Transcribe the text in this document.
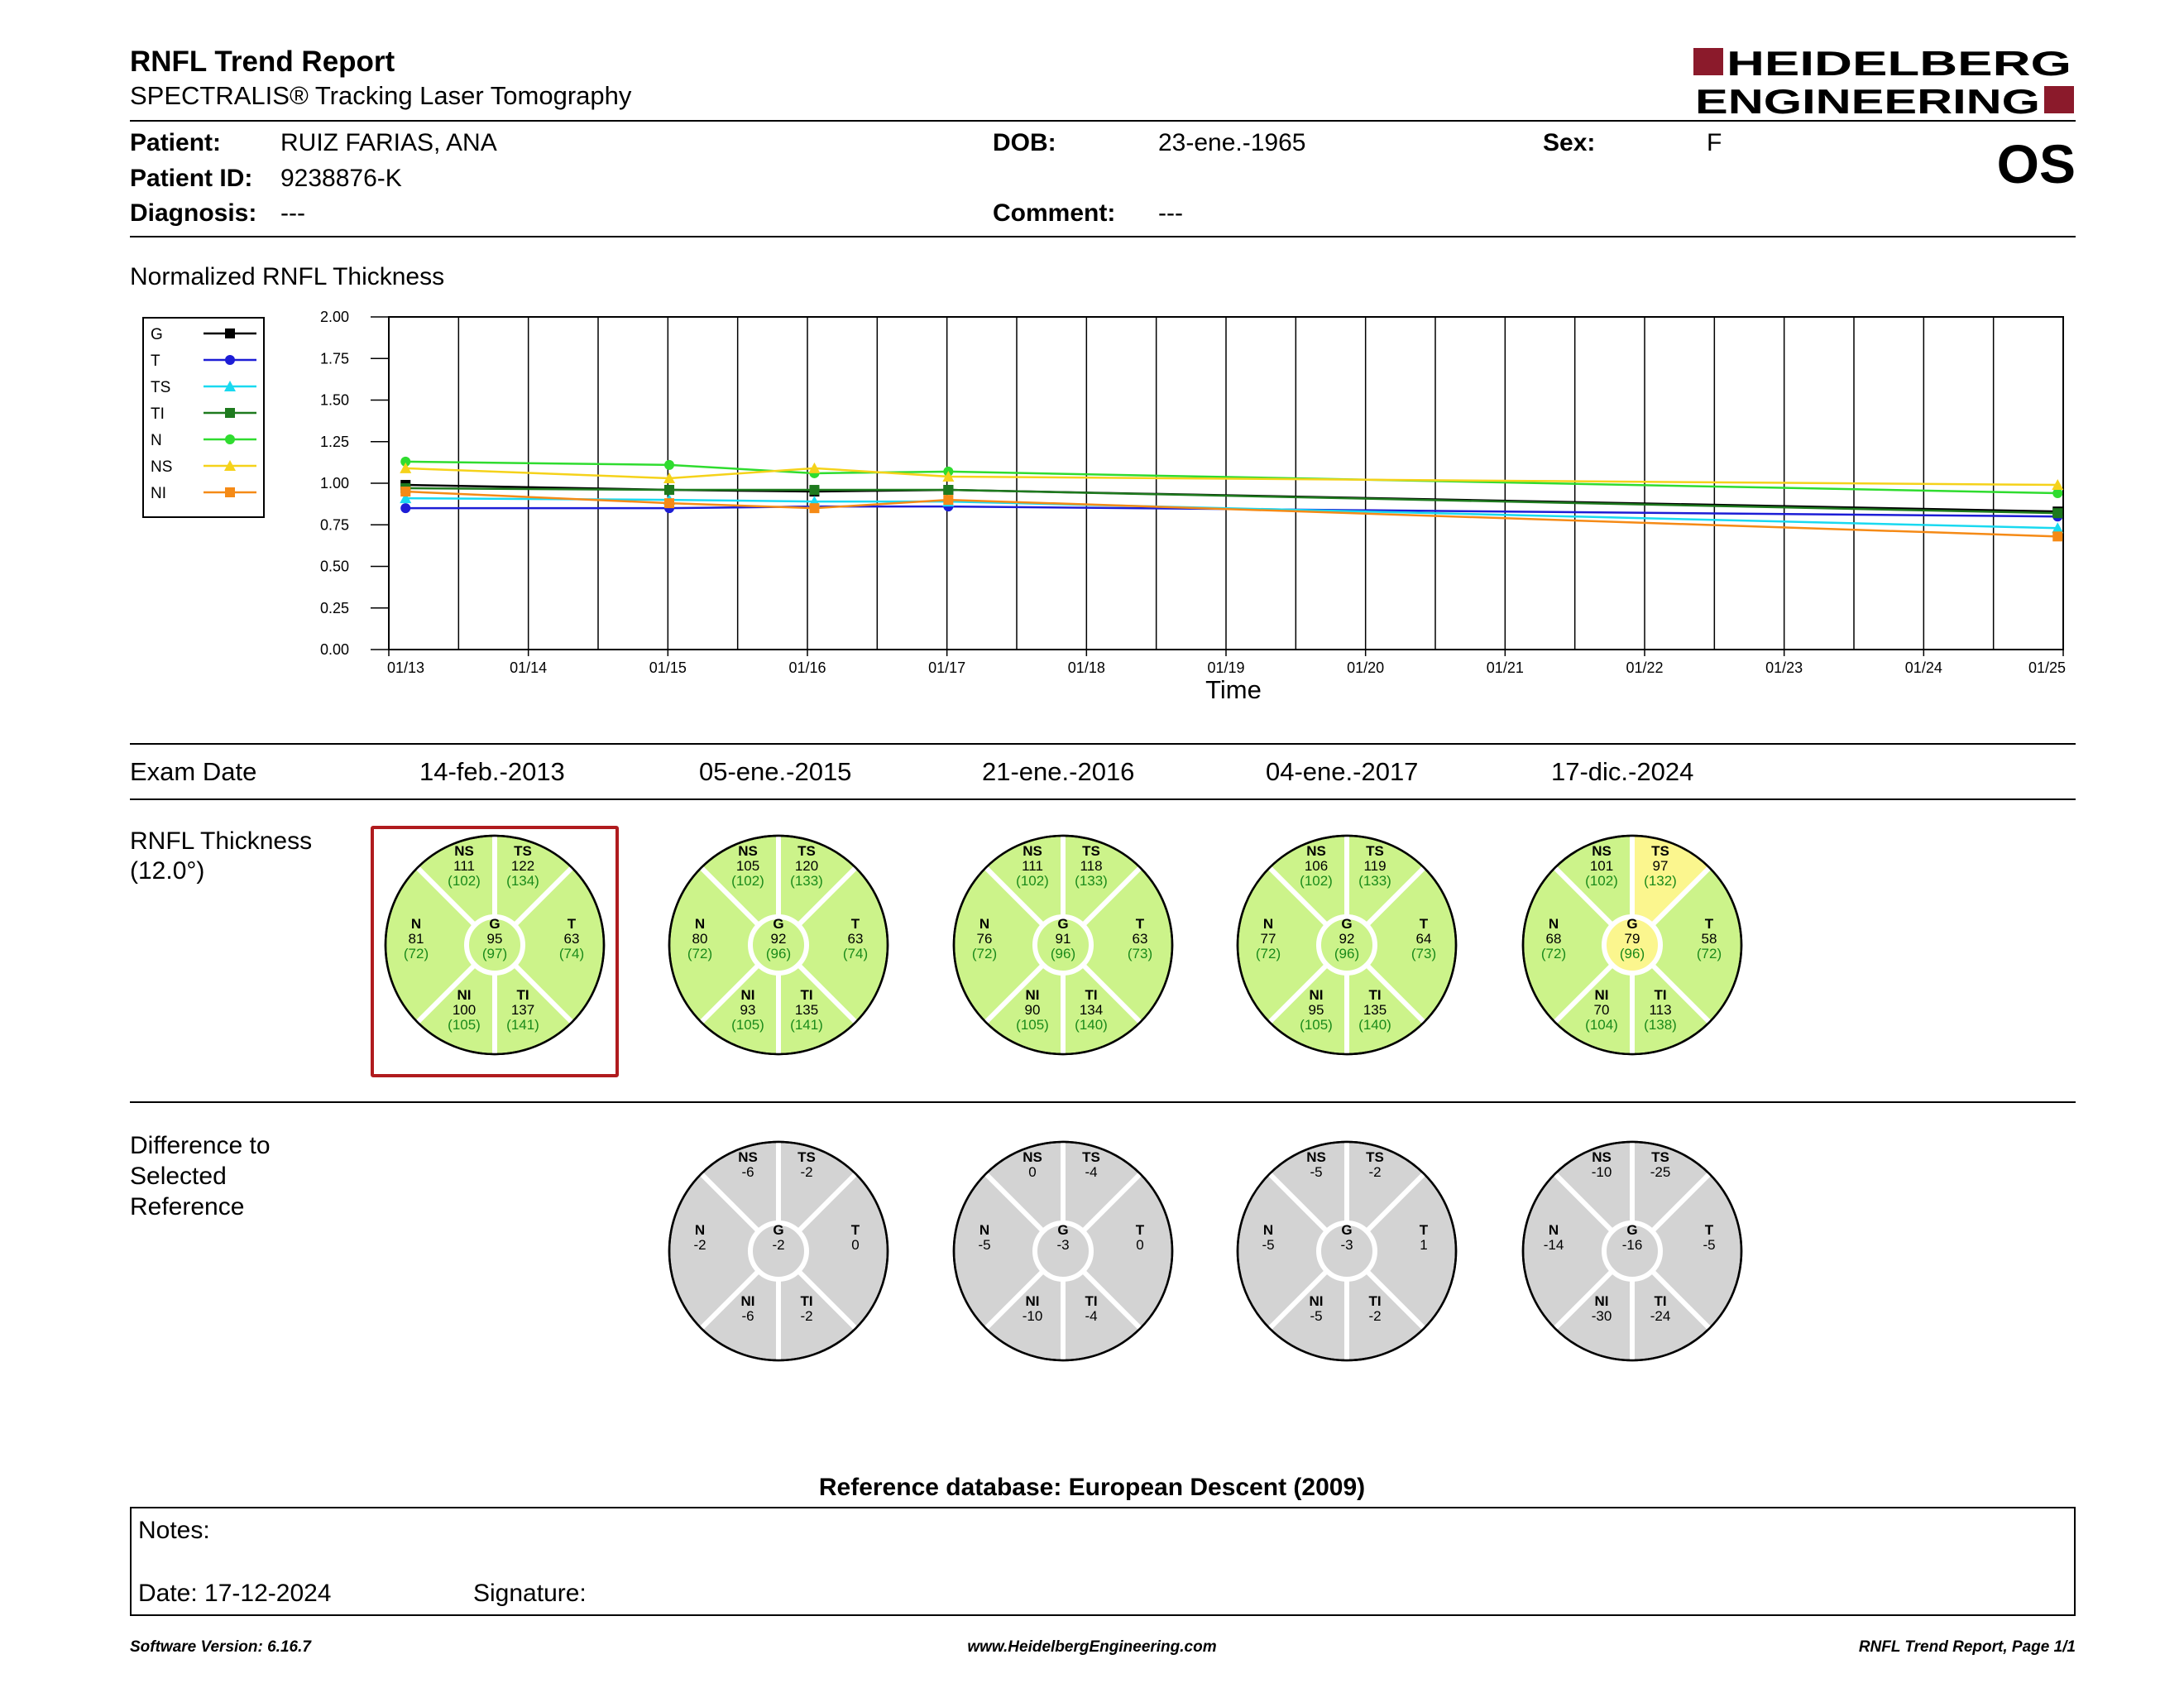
RNFL Trend Report
SPECTRALIS® Tracking Laser Tomography
HEIDELBERG
ENGINEERING
Patient: RUIZ FARIAS, ANA
Patient ID: 9238876-K
Diagnosis: ---
DOB:	23-ene.-1965
Comment: ---
Sex:	F	OS
Normalized RNFL Thickness
G
T
TS
TI
N
NS
NI
0.00
0.25
0.50
0.75
1.00
1.25
1.50
1.75
2.00
01/13	01/14	01/15	01/16	01/17	01/18	01/19	01/20	01/21	01/22	01/23	01/24	01/25
Time
Exam Date	14-feb.-2013	05-ene.-2015	21-ene.-2016	04-ene.-2017	17-dic.-2024
RNFL Thickness
(12.0°)
NS
111
(102)
TS
122
(134)
N
81
(72)
G
95
(97)
T
63
(74)
NI
100
(105)
TI
137
(141)
NS
105
(102)
TS
120
(133)
N
80
(72)
G
92
(96)
T
63
(74)
NI
93
(105)
TI
135
(141)
NS
111
(102)
TS
118
(133)
N
76
(72)
G
91
(96)
T
63
(73)
NI
90
(105)
TI
134
(140)
NS
106
(102)
TS
119
(133)
N
77
(72)
G
92
(96)
T
64
(73)
NI
95
(105)
TI
135
(140)
NS
101
(102)
TS
97
(132)
N
68
(72)
G
79
(96)
T
58
(72)
NI
70
(104)
TI
113
(138)
Difference to
Selected
Reference
NS
-6
TS
-2
N
-2
G
-2
T
0
NI
-6
TI
-2
NS
0
TS
-4
N
-5
G
-3
T
0
NI
-10
TI
-4
NS
-5
TS
-2
N
-5
G
-3
T
1
NI
-5
TI
-2
NS
-10
TS
-25
N
-14
G
-16
T
-5
NI
-30
TI
-24
Reference database: European Descent (2009)
Notes:
Date: 17-12-2024	Signature:
Software Version: 6.16.7	www.HeidelbergEngineering.com	RNFL Trend Report, Page 1/1
